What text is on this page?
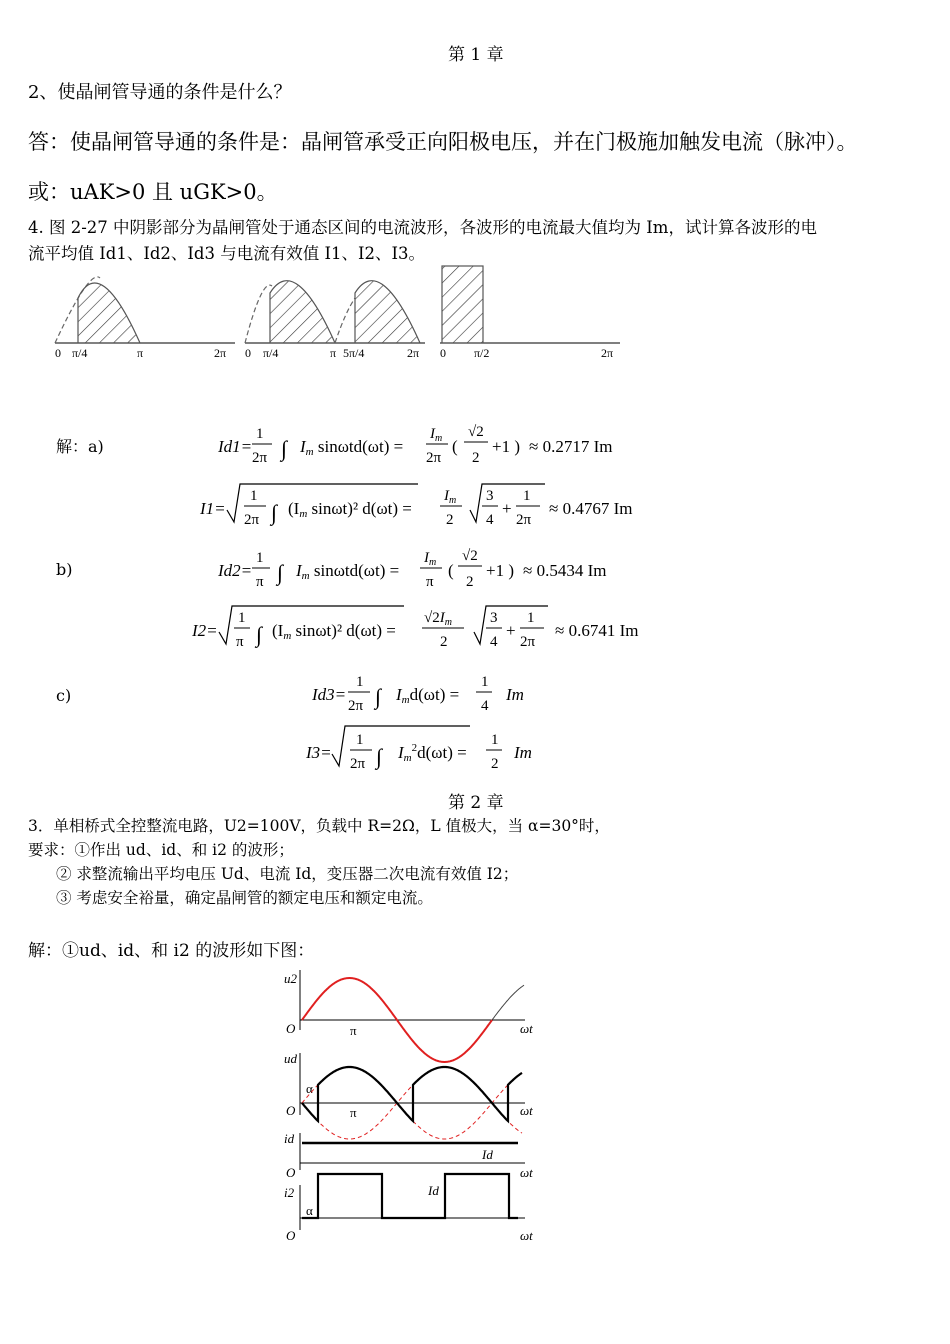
第 1 章
2、使晶闸管导通的条件是什么？
答：使晶闸管导通的条件是：晶闸管承受正向阳极电压，并在门极施加触发电流（脉冲）。
或：uAK>0 且 uGK>0。
4. 图 2-27 中阴影部分为晶闸管处于通态区间的电流波形，各波形的电流最大值均为 Im，试计算各波形的电
流平均值 Id1、Id2、Id3 与电流有效值 I1、I2、I3。
0 π/4	π	2π 0 π/4	π 5π/4	2π 0 π/2	2π
解：a)
b)
c)
Id1=
1
2π ∫ Im sinωtd(ωt) =
$I_m$
2π
(
√2
2
+1 ) ≈ 0.2717 Im
I1=
1
2π ∫ (Im sinωt)² d(ωt) =
$I_m$
2
3
4
+
1
2π
≈ 0.4767 Im
Id2=
1
π ∫ Im sinωtd(ωt) =
$I_m$
π
(
√2
2
+1 ) ≈ 0.5434 Im
I2=
1
π ∫ (Im sinωt)² d(ωt) =
$√2I_m$
2
3
4
+
1
2π
≈ 0.6741 Im
Id3=
1
2π ∫ Imd(ωt) =
1
4
Im
I3=
1
2π ∫ $Im^2d(\omega t)$ =
1
2
Im
第 2 章
3．单相桥式全控整流电路，U2=100V，负载中 R=2Ω，L 值极大，当 α=30°时，
要求：①作出 ud、id、和 i2 的波形；
② 求整流输出平均电压 Ud、电流 Id，变压器二次电流有效值 I2；
③ 考虑安全裕量，确定晶闸管的额定电压和额定电流。
解：①ud、id、和 i2 的波形如下图：
u2
O	π	ωt
ud
O
α
π	ωt
id
O
Id
ωt
i2
O
α
Id
ωt
